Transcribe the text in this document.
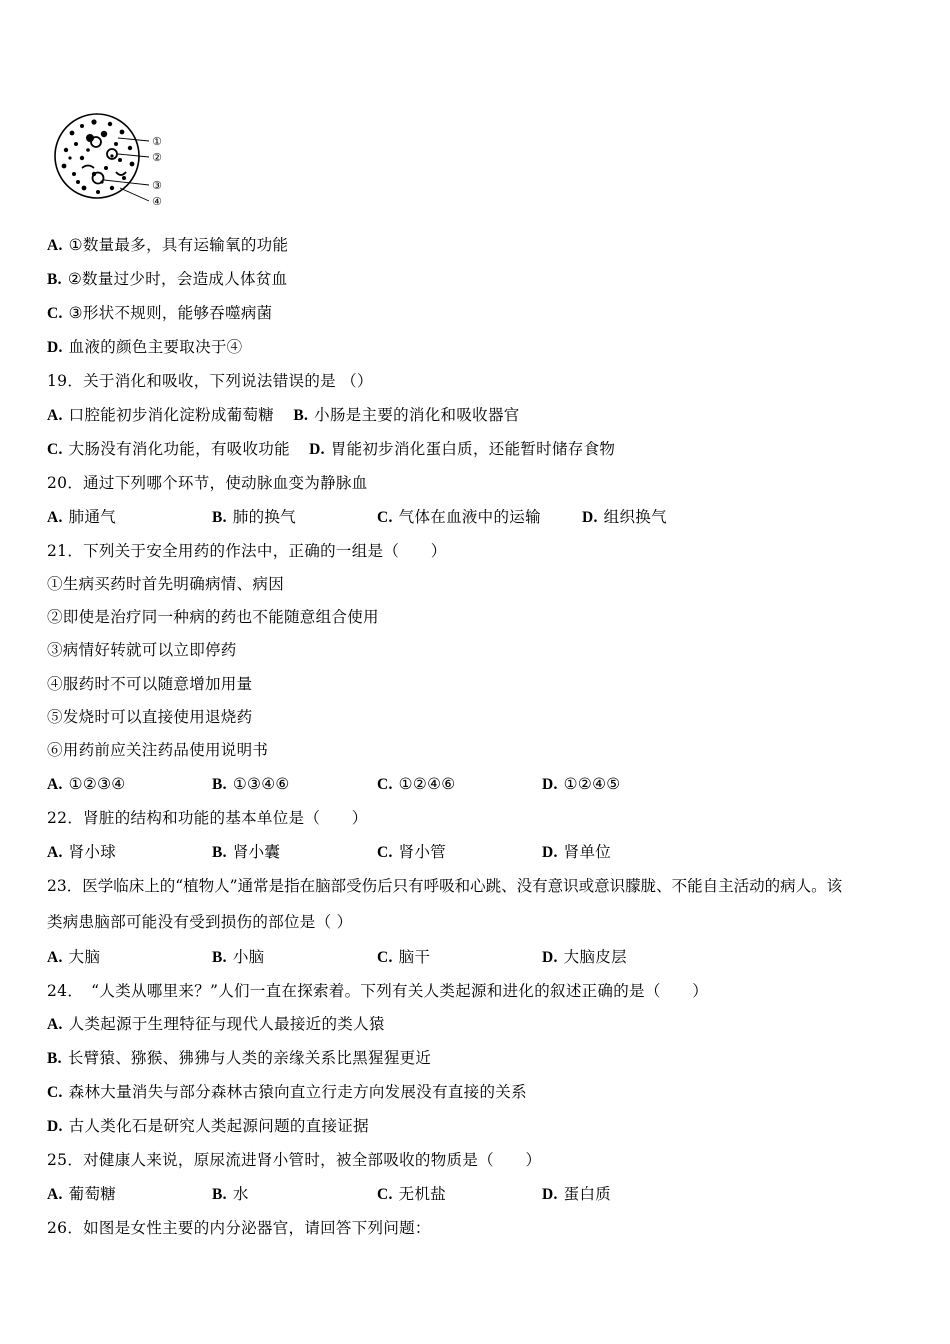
①
②
③
④
A. ①数量最多，具有运输氧的功能
B. ②数量过少时，会造成人体贫血
C. ③形状不规则，能够吞噬病菌
D. 血液的颜色主要取决于④
19．关于消化和吸收，下列说法错误的是 （）
A. 口腔能初步消化淀粉成葡萄糖 B. 小肠是主要的消化和吸收器官
C. 大肠没有消化功能，有吸收功能 D. 胃能初步消化蛋白质，还能暂时储存食物
20．通过下列哪个环节，使动脉血变为静脉血
A. 肺通气	B. 肺的换气	C. 气体在血液中的运输	D. 组织换气
21．下列关于安全用药的作法中，正确的一组是（　　）
①生病买药时首先明确病情、病因
②即使是治疗同一种病的药也不能随意组合使用
③病情好转就可以立即停药
④服药时不可以随意增加用量
⑤发烧时可以直接使用退烧药
⑥用药前应关注药品使用说明书
A. ①②③④	B. ①③④⑥	C. ①②④⑥	D. ①②④⑤
22．肾脏的结构和功能的基本单位是（　　）
A. 肾小球	B. 肾小囊	C. 肾小管	D. 肾单位
23．医学临床上的“植物人”通常是指在脑部受伤后只有呼吸和心跳、没有意识或意识朦胧、不能自主活动的病人。该
类病患脑部可能没有受到损伤的部位是（ ）
A. 大脑	B. 小脑	C. 脑干	D. 大脑皮层
24．　“人类从哪里来？”人们一直在探索着。下列有关人类起源和进化的叙述正确的是（　　）
A. 人类起源于生理特征与现代人最接近的类人猿
B. 长臂猿、猕猴、狒狒与人类的亲缘关系比黑猩猩更近
C. 森林大量消失与部分森林古猿向直立行走方向发展没有直接的关系
D. 古人类化石是研究人类起源问题的直接证据
25．对健康人来说，原尿流进肾小管时，被全部吸收的物质是（　　）
A. 葡萄糖	B. 水	C. 无机盐	D. 蛋白质
26．如图是女性主要的内分泌器官，请回答下列问题：
